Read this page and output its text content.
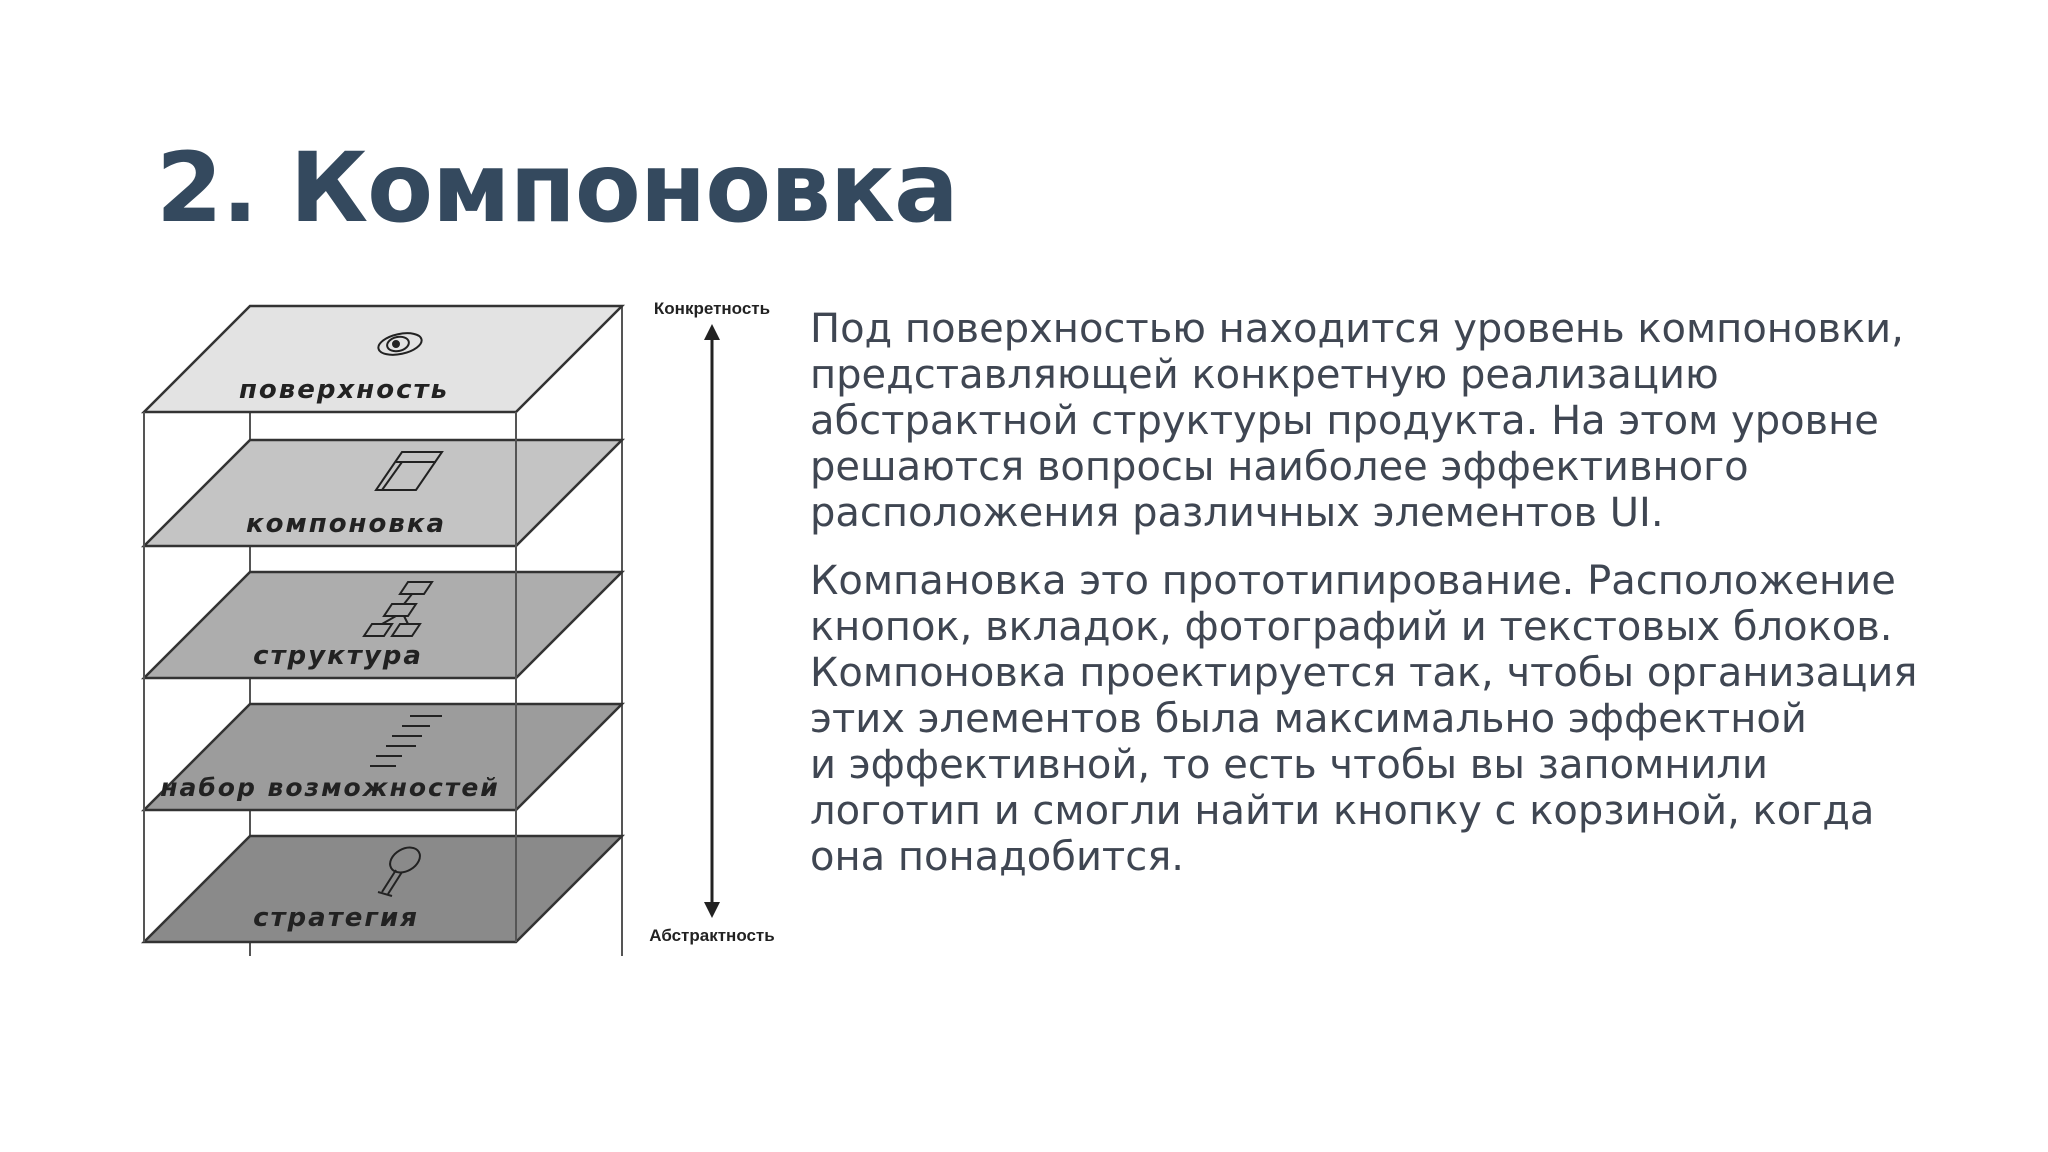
2. Компоновка
стратегия
набор возможностей
структура
компоновка
поверхность
Конкретность
Абстрактность

Под поверхностью находится уровень компоновки,
представляющей конкретную реализацию
абстрактной структуры продукта. На этом уровне
решаются вопросы наиболее эффективного
расположения различных элементов UI.

Компановка это прототипирование. Расположение
кнопок, вкладок, фотографий и текстовых блоков.
Компоновка проектируется так, чтобы организация
этих элементов была максимально эффектной
и эффективной, то есть чтобы вы запомнили
логотип и смогли найти кнопку с корзиной, когда
она понадобится.
